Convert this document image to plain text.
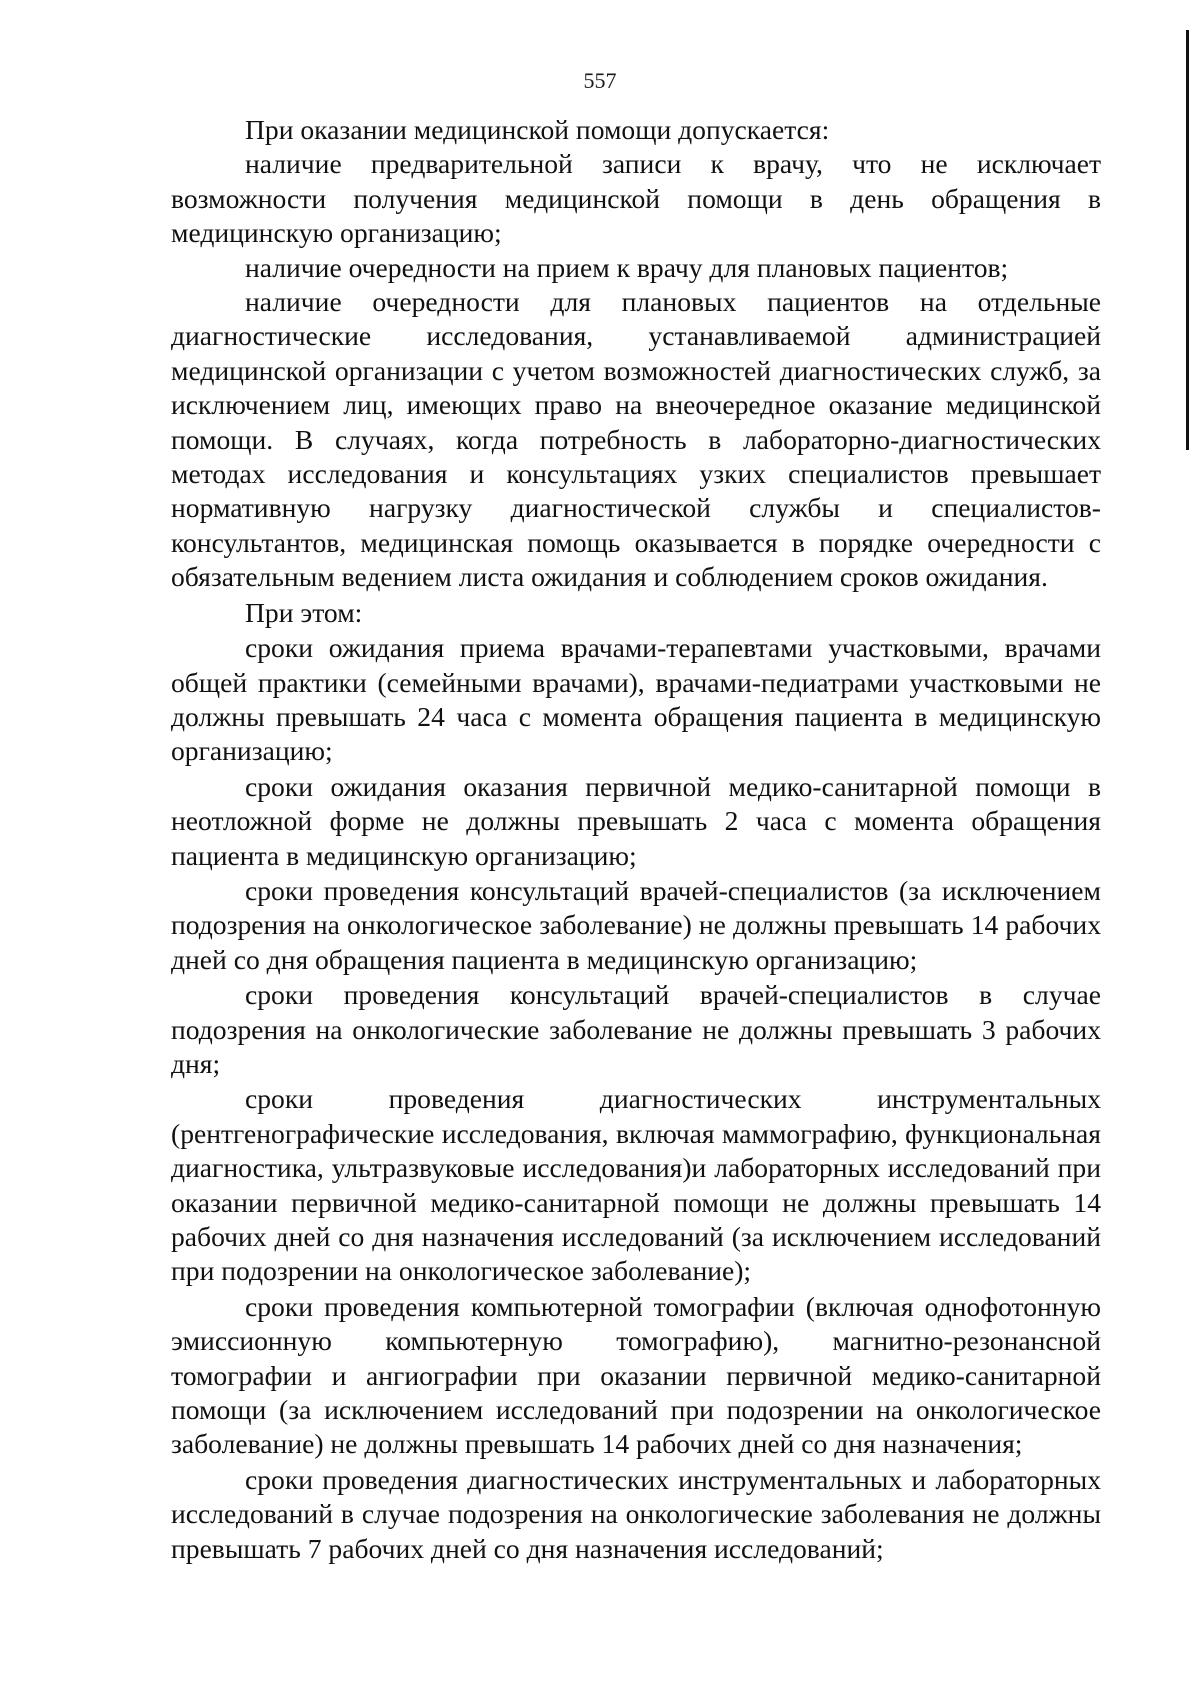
557

При оказании медицинской помощи допускается:

наличие предварительной записи к врачу, что не исключает возможности получения медицинской помощи в день обращения в медицинскую организацию;

наличие очередности на прием к врачу для плановых пациентов;

наличие очередности для плановых пациентов на отдельные диагностические исследования, устанавливаемой администрацией медицинской организации с учетом возможностей диагностических служб, за исключением лиц, имеющих право на внеочередное оказание медицинской помощи. В случаях, когда потребность в лабораторно-диагностических методах исследования и консультациях узких специалистов превышает нормативную нагрузку диагностической службы и специалистов-консультантов, медицинская помощь оказывается в порядке очередности с обязательным ведением листа ожидания и соблюдением сроков ожидания.

При этом:

сроки ожидания приема врачами-терапевтами участковыми, врачами общей практики (семейными врачами), врачами-педиатрами участковыми не должны превышать 24 часа с момента обращения пациента в медицинскую организацию;

сроки ожидания оказания первичной медико-санитарной помощи в неотложной форме не должны превышать 2 часа с момента обращения пациента в медицинскую организацию;

сроки проведения консультаций врачей-специалистов (за исключением подозрения на онкологическое заболевание) не должны превышать 14 рабочих дней со дня обращения пациента в медицинскую организацию;

сроки проведения консультаций врачей-специалистов в случае подозрения на онкологические заболевание не должны превышать 3 рабочих дня;

сроки проведения диагностических инструментальных (рентгенографические исследования, включая маммографию, функциональная диагностика, ультразвуковые исследования)и лабораторных исследований при оказании первичной медико-санитарной помощи не должны превышать 14 рабочих дней со дня назначения исследований (за исключением исследований при подозрении на онкологическое заболевание);

сроки проведения компьютерной томографии (включая однофотонную эмиссионную компьютерную томографию), магнитно-резонансной томографии и ангиографии при оказании первичной медико-санитарной помощи (за исключением исследований при подозрении на онкологическое заболевание) не должны превышать 14 рабочих дней со дня назначения;

сроки проведения диагностических инструментальных и лабораторных исследований в случае подозрения на онкологические заболевания не должны превышать 7 рабочих дней со дня назначения исследований;
